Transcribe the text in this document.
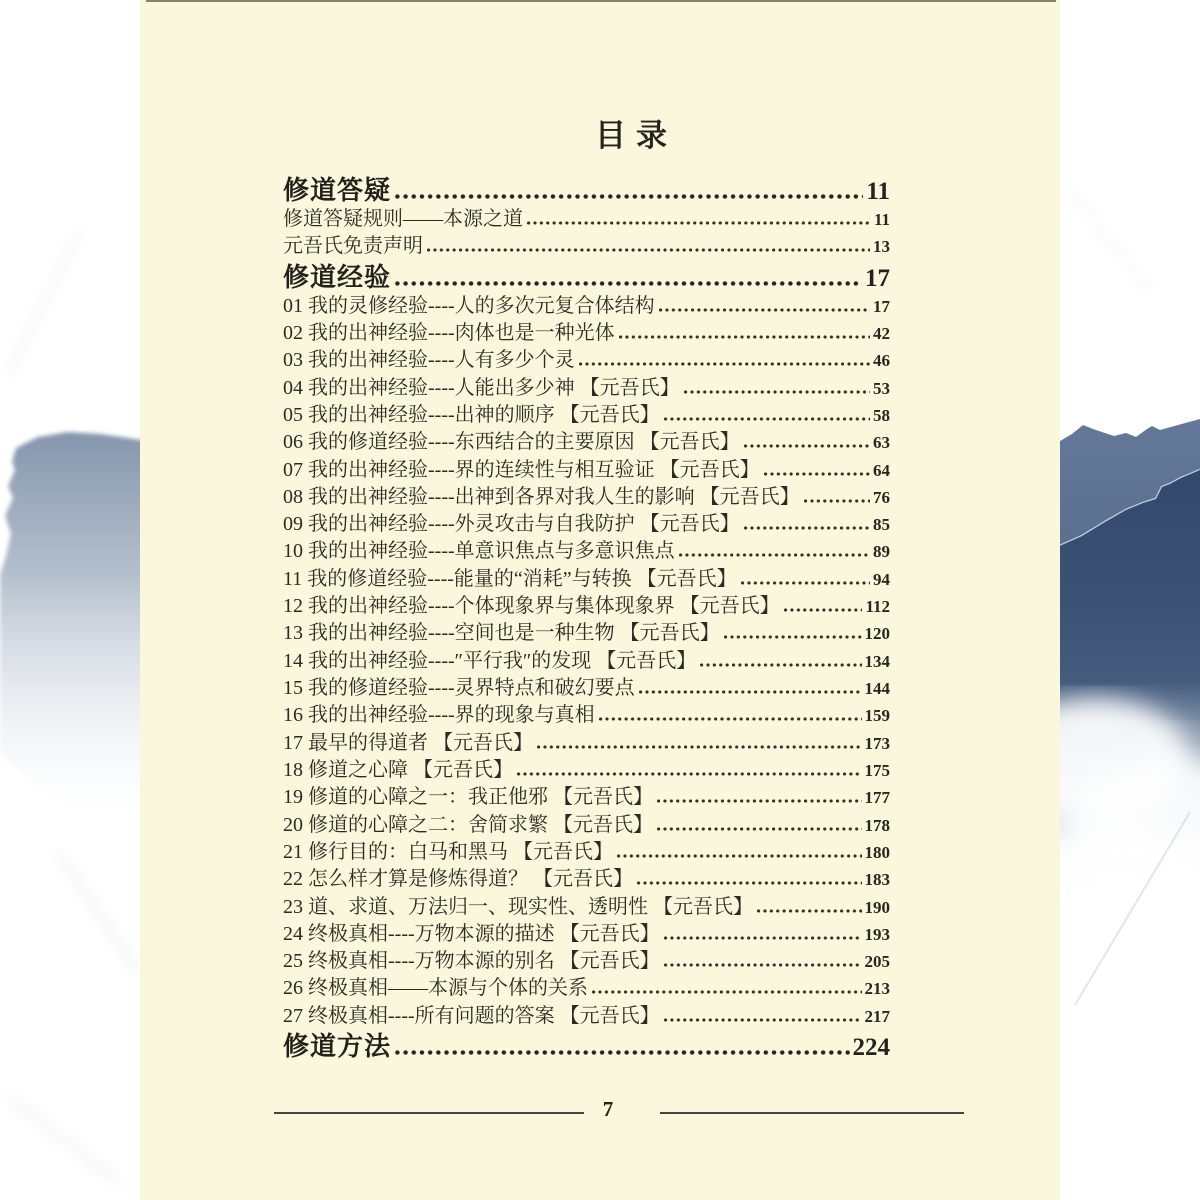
目录
修道答疑	11
修道答疑规则——本源之道	11
元吾氏免责声明	13
修道经验	17
01 我的灵修经验----人的多次元复合体结构	17
02 我的出神经验----肉体也是一种光体	42
03 我的出神经验----人有多少个灵	46
04 我的出神经验----人能出多少神 【元吾氏】	53
05 我的出神经验----出神的顺序 【元吾氏】	58
06 我的修道经验----东西结合的主要原因 【元吾氏】	63
07 我的出神经验----界的连续性与相互验证 【元吾氏】	64
08 我的出神经验----出神到各界对我人生的影响 【元吾氏】	76
09 我的出神经验----外灵攻击与自我防护 【元吾氏】	85
10 我的出神经验----单意识焦点与多意识焦点	89
11 我的修道经验----能量的“消耗”与转换 【元吾氏】	94
12 我的出神经验----个体现象界与集体现象界 【元吾氏】	112
13 我的出神经验----空间也是一种生物 【元吾氏】	120
14 我的出神经验----″平行我″的发现 【元吾氏】	134
15 我的修道经验----灵界特点和破幻要点	144
16 我的出神经验----界的现象与真相	159
17 最早的得道者 【元吾氏】	173
18 修道之心障 【元吾氏】	175
19 修道的心障之一：我正他邪 【元吾氏】	177
20 修道的心障之二：舍简求繁 【元吾氏】	178
21 修行目的：白马和黑马 【元吾氏】	180
22 怎么样才算是修炼得道？ 【元吾氏】	183
23 道、求道、万法归一、现实性、透明性 【元吾氏】	190
24 终极真相----万物本源的描述 【元吾氏】	193
25 终极真相----万物本源的别名 【元吾氏】	205
26 终极真相——本源与个体的关系	213
27 终极真相----所有问题的答案 【元吾氏】	217
修道方法	224
7
